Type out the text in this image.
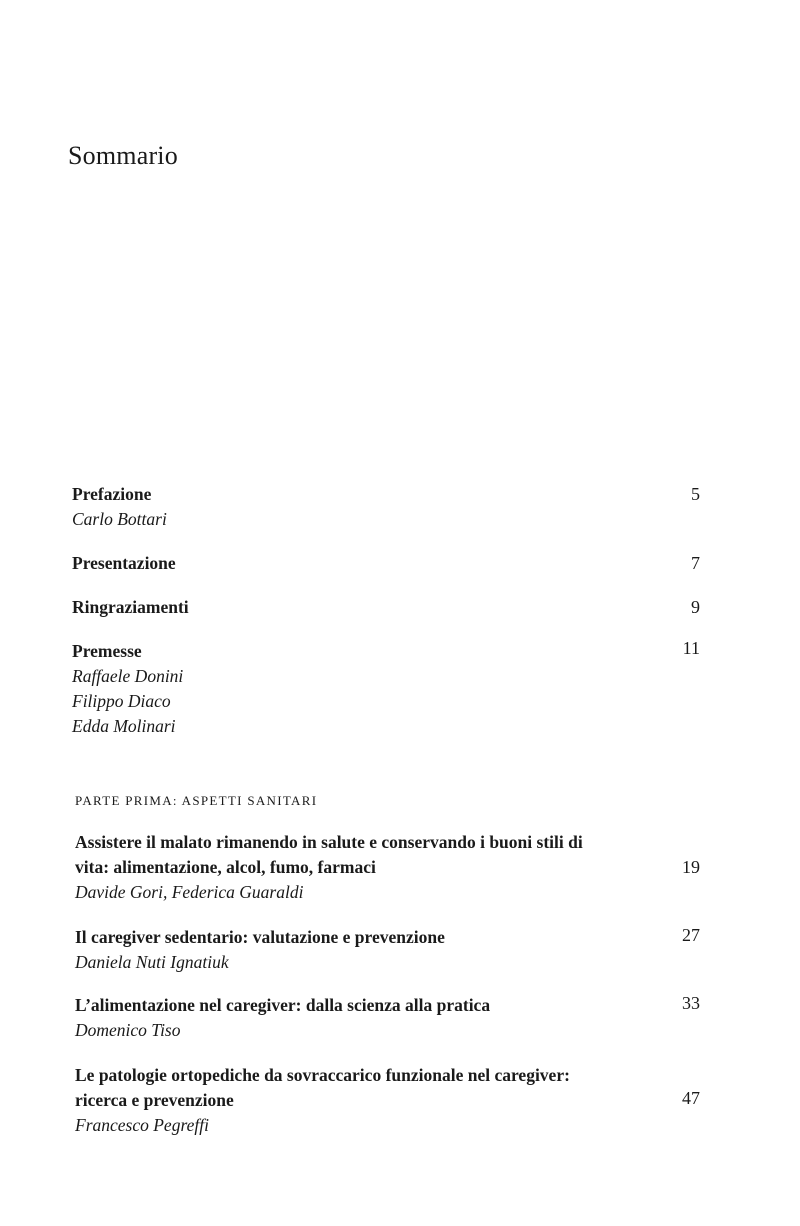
Sommario
Prefazione	5
Carlo Bottari
Presentazione	7
Ringraziamenti	9
Premesse	11
Raffaele Donini
Filippo Diaco
Edda Molinari
PARTE PRIMA: ASPETTI SANITARI
Assistere il malato rimanendo in salute e conservando i buoni stili di vita: alimentazione, alcol, fumo, farmaci	19
Davide Gori, Federica Guaraldi
Il caregiver sedentario: valutazione e prevenzione	27
Daniela Nuti Ignatiuk
L’alimentazione nel caregiver: dalla scienza alla pratica	33
Domenico Tiso
Le patologie ortopediche da sovraccarico funzionale nel caregiver: ricerca e prevenzione	47
Francesco Pegreffi
